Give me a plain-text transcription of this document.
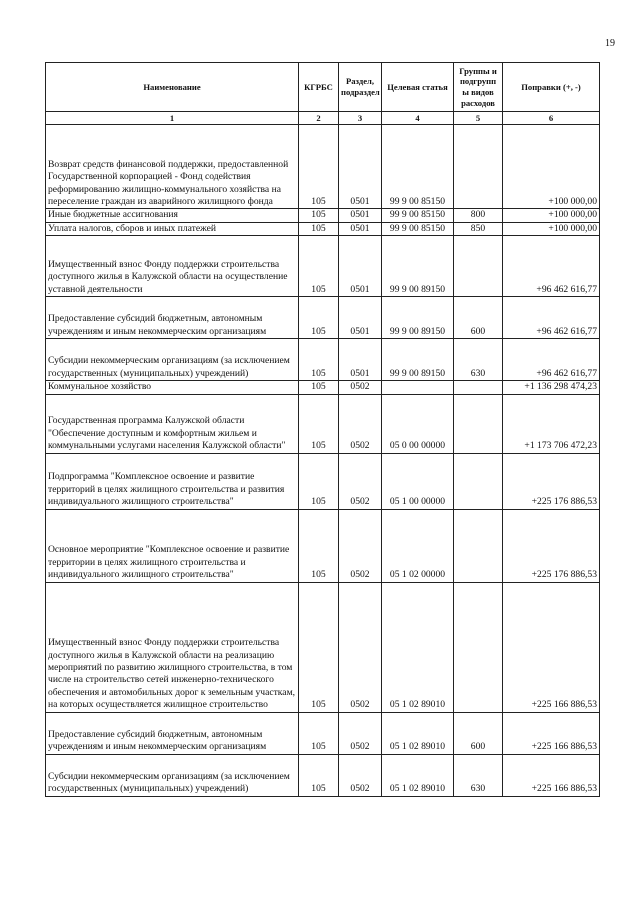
19
Наименование	КГРБС	Раздел, подраздел	Целевая статья	Группы и подгрупп ы видов расходов	Поправки (+, -)
1	2	3	4	5	6
Возврат средств финансовой поддержки, предоставленной Государственной корпорацией - Фонд содействия реформированию жилищно-коммунального хозяйства на переселение граждан из аварийного жилищного фонда	105	0501	99 9 00 85150		+100 000,00
Иные бюджетные ассигнования	105	0501	99 9 00 85150	800	+100 000,00
Уплата налогов, сборов и иных платежей	105	0501	99 9 00 85150	850	+100 000,00
Имущественный взнос Фонду поддержки строительства доступного жилья в Калужской области на осуществление уставной деятельности	105	0501	99 9 00 89150		+96 462 616,77
Предоставление субсидий бюджетным, автономным учреждениям и иным некоммерческим организациям	105	0501	99 9 00 89150	600	+96 462 616,77
Субсидии некоммерческим организациям (за исключением государственных (муниципальных) учреждений)	105	0501	99 9 00 89150	630	+96 462 616,77
Коммунальное хозяйство	105	0502			+1 136 298 474,23
Государственная программа Калужской области "Обеспечение доступным и комфортным жильем и коммунальными услугами населения Калужской области"	105	0502	05 0 00 00000		+1 173 706 472,23
Подпрограмма "Комплексное освоение и развитие территорий в целях жилищного строительства и развития индивидуального жилищного строительства"	105	0502	05 1 00 00000		+225 176 886,53
Основное мероприятие "Комплексное освоение и развитие территории в целях жилищного строительства и индивидуального жилищного строительства"	105	0502	05 1 02 00000		+225 176 886,53
Имущественный взнос Фонду поддержки строительства доступного жилья в Калужской области на реализацию мероприятий по развитию жилищного строительства, в том числе на строительство сетей инженерно-технического обеспечения и автомобильных дорог к земельным участкам, на которых осуществляется жилищное строительство	105	0502	05 1 02 89010		+225 166 886,53
Предоставление субсидий бюджетным, автономным учреждениям и иным некоммерческим организациям	105	0502	05 1 02 89010	600	+225 166 886,53
Субсидии некоммерческим организациям (за исключением государственных (муниципальных) учреждений)	105	0502	05 1 02 89010	630	+225 166 886,53
